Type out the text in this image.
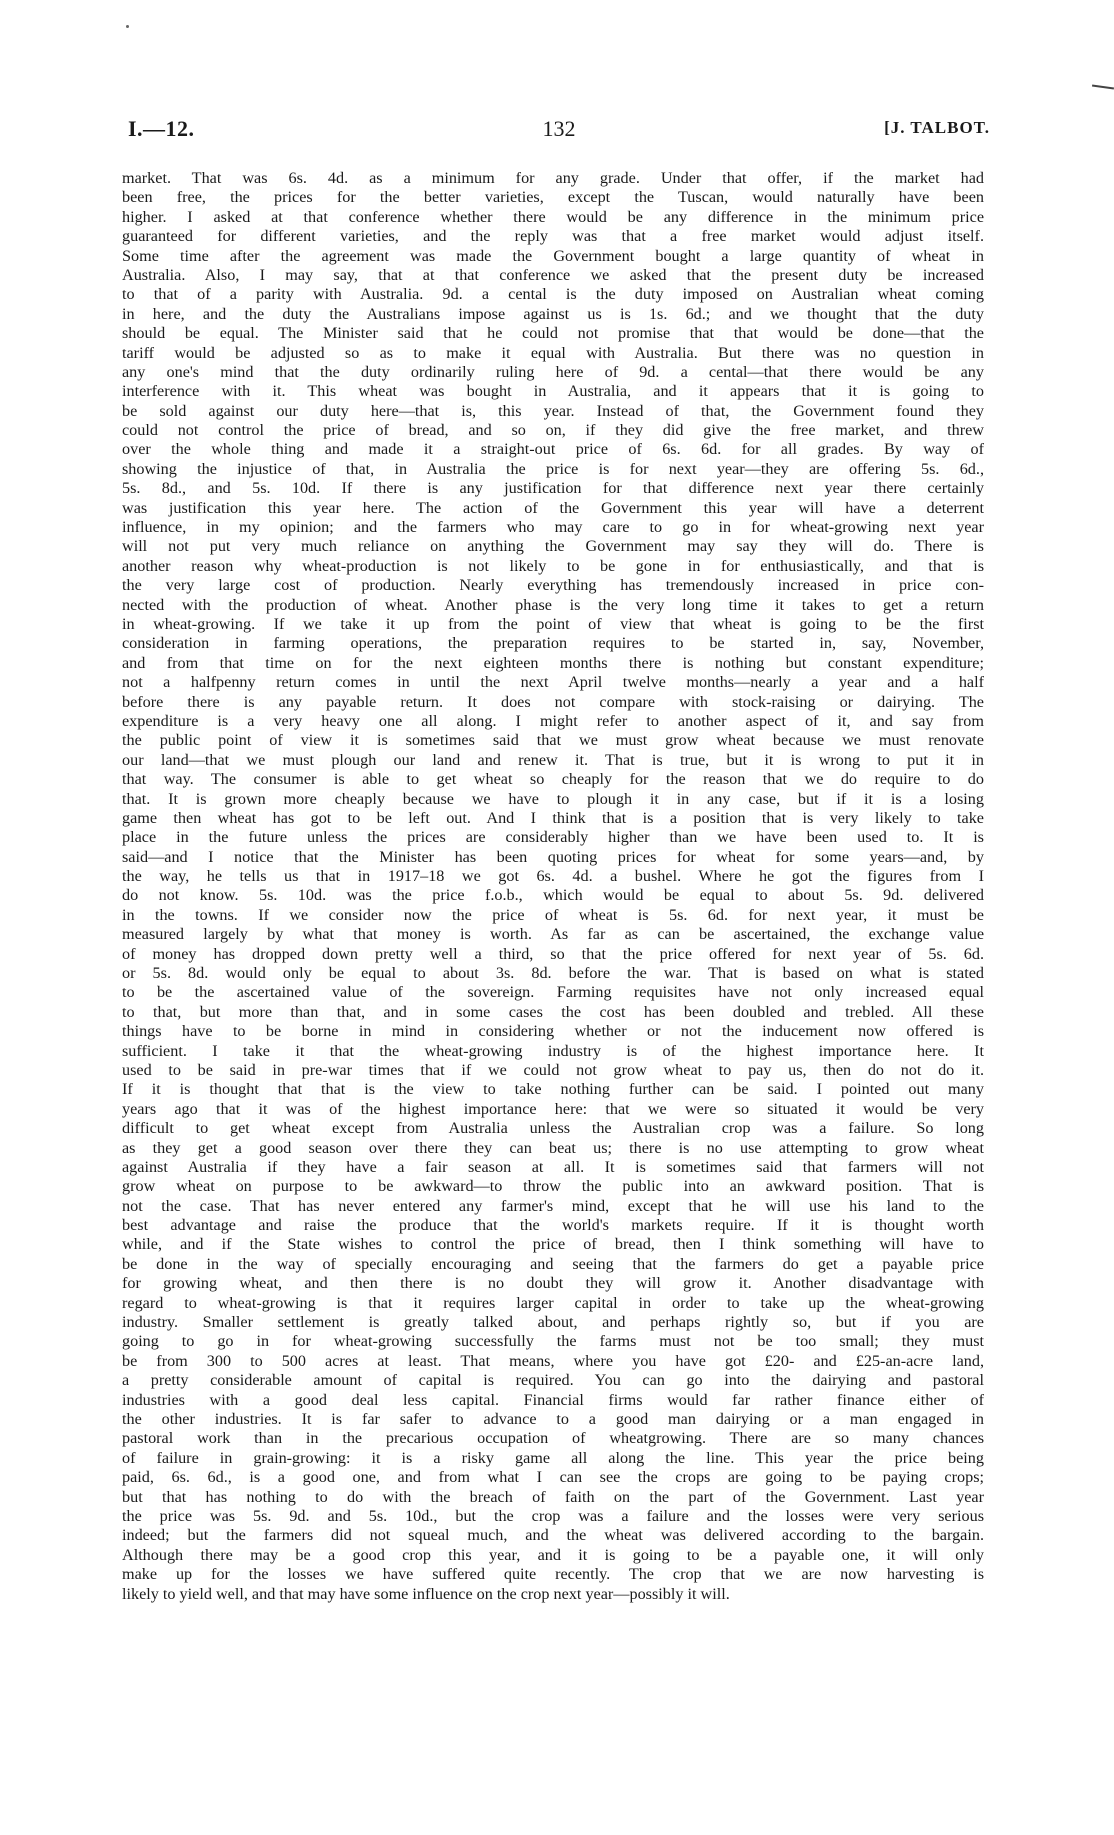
I.—12.	132	[J. TALBOT.
market. That was 6s. 4d. as a minimum for any grade. Under that offer, if the market had
been free, the prices for the better varieties, except the Tuscan, would naturally have been
higher. I asked at that conference whether there would be any difference in the minimum price
guaranteed for different varieties, and the reply was that a free market would adjust itself.
Some time after the agreement was made the Government bought a large quantity of wheat in
Australia. Also, I may say, that at that conference we asked that the present duty be increased
to that of a parity with Australia. 9d. a cental is the duty imposed on Australian wheat coming
in here, and the duty the Australians impose against us is 1s. 6d.; and we thought that the duty
should be equal. The Minister said that he could not promise that that would be done—that the
tariff would be adjusted so as to make it equal with Australia. But there was no question in
any one's mind that the duty ordinarily ruling here of 9d. a cental—that there would be any
interference with it. This wheat was bought in Australia, and it appears that it is going to
be sold against our duty here—that is, this year. Instead of that, the Government found they
could not control the price of bread, and so on, if they did give the free market, and threw
over the whole thing and made it a straight-out price of 6s. 6d. for all grades. By way of
showing the injustice of that, in Australia the price is for next year—they are offering 5s. 6d.,
5s. 8d., and 5s. 10d. If there is any justification for that difference next year there certainly
was justification this year here. The action of the Government this year will have a deterrent
influence, in my opinion; and the farmers who may care to go in for wheat-growing next year
will not put very much reliance on anything the Government may say they will do. There is
another reason why wheat-production is not likely to be gone in for enthusiastically, and that is
the very large cost of production. Nearly everything has tremendously increased in price con-
nected with the production of wheat. Another phase is the very long time it takes to get a return
in wheat-growing. If we take it up from the point of view that wheat is going to be the first
consideration in farming operations, the preparation requires to be started in, say, November,
and from that time on for the next eighteen months there is nothing but constant expenditure;
not a halfpenny return comes in until the next April twelve months—nearly a year and a half
before there is any payable return. It does not compare with stock-raising or dairying. The
expenditure is a very heavy one all along. I might refer to another aspect of it, and say from
the public point of view it is sometimes said that we must grow wheat because we must renovate
our land—that we must plough our land and renew it. That is true, but it is wrong to put it in
that way. The consumer is able to get wheat so cheaply for the reason that we do require to do
that. It is grown more cheaply because we have to plough it in any case, but if it is a losing
game then wheat has got to be left out. And I think that is a position that is very likely to take
place in the future unless the prices are considerably higher than we have been used to. It is
said—and I notice that the Minister has been quoting prices for wheat for some years—and, by
the way, he tells us that in 1917–18 we got 6s. 4d. a bushel. Where he got the figures from I
do not know. 5s. 10d. was the price f.o.b., which would be equal to about 5s. 9d. delivered
in the towns. If we consider now the price of wheat is 5s. 6d. for next year, it must be
measured largely by what that money is worth. As far as can be ascertained, the exchange value
of money has dropped down pretty well a third, so that the price offered for next year of 5s. 6d.
or 5s. 8d. would only be equal to about 3s. 8d. before the war. That is based on what is stated
to be the ascertained value of the sovereign. Farming requisites have not only increased equal
to that, but more than that, and in some cases the cost has been doubled and trebled. All these
things have to be borne in mind in considering whether or not the inducement now offered is
sufficient. I take it that the wheat-growing industry is of the highest importance here. It
used to be said in pre-war times that if we could not grow wheat to pay us, then do not do it.
If it is thought that that is the view to take nothing further can be said. I pointed out many
years ago that it was of the highest importance here: that we were so situated it would be very
difficult to get wheat except from Australia unless the Australian crop was a failure. So long
as they get a good season over there they can beat us; there is no use attempting to grow wheat
against Australia if they have a fair season at all. It is sometimes said that farmers will not
grow wheat on purpose to be awkward—to throw the public into an awkward position. That is
not the case. That has never entered any farmer's mind, except that he will use his land to the
best advantage and raise the produce that the world's markets require. If it is thought worth
while, and if the State wishes to control the price of bread, then I think something will have to
be done in the way of specially encouraging and seeing that the farmers do get a payable price
for growing wheat, and then there is no doubt they will grow it. Another disadvantage with
regard to wheat-growing is that it requires larger capital in order to take up the wheat-growing
industry. Smaller settlement is greatly talked about, and perhaps rightly so, but if you are
going to go in for wheat-growing successfully the farms must not be too small; they must
be from 300 to 500 acres at least. That means, where you have got £20- and £25-an-acre land,
a pretty considerable amount of capital is required. You can go into the dairying and pastoral
industries with a good deal less capital. Financial firms would far rather finance either of
the other industries. It is far safer to advance to a good man dairying or a man engaged in
pastoral work than in the precarious occupation of wheatgrowing. There are so many chances
of failure in grain-growing: it is a risky game all along the line. This year the price being
paid, 6s. 6d., is a good one, and from what I can see the crops are going to be paying crops;
but that has nothing to do with the breach of faith on the part of the Government. Last year
the price was 5s. 9d. and 5s. 10d., but the crop was a failure and the losses were very serious
indeed; but the farmers did not squeal much, and the wheat was delivered according to the bargain.
Although there may be a good crop this year, and it is going to be a payable one, it will only
make up for the losses we have suffered quite recently. The crop that we are now harvesting is
likely to yield well, and that may have some influence on the crop next year—possibly it will.
